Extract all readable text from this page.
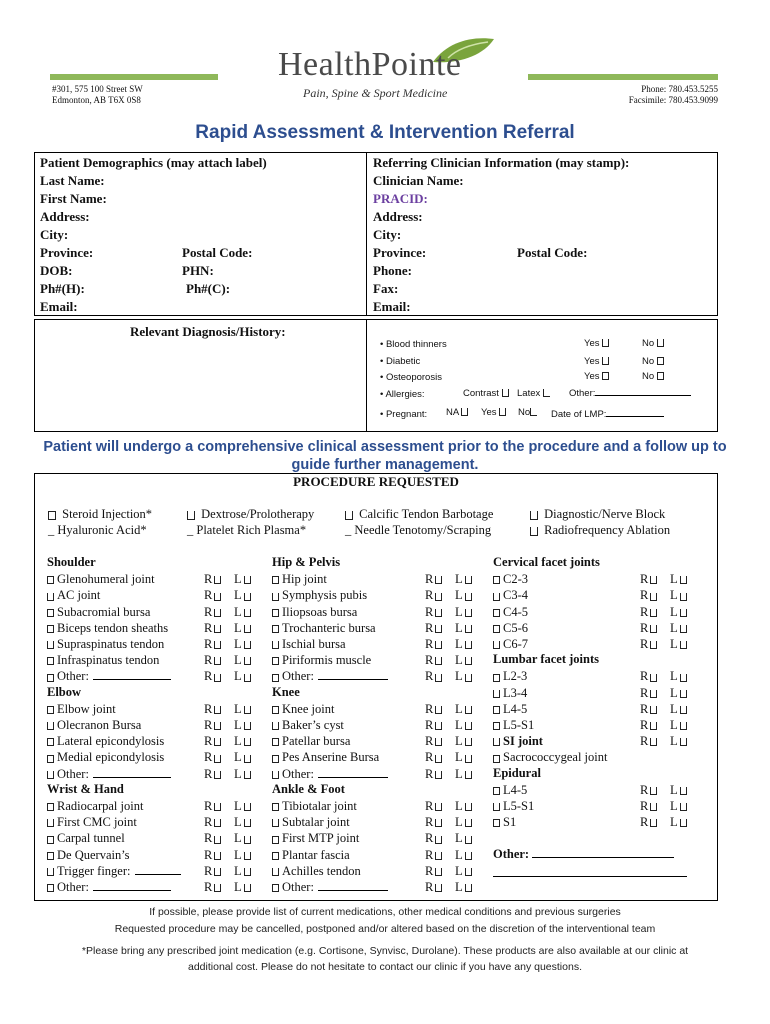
#301, 575 100 Street SW
Edmonton, AB T6X 0S8
HealthPointe
Pain, Spine & Sport Medicine	Phone: 780.453.5255
Facsimile: 780.453.9099
Rapid Assessment & Intervention Referral
Patient Demographics (may attach label)
Last Name:
First Name:
Address:
City:
Province:	Postal Code:
DOB:	PHN:
Ph#(H):	Ph#(C):
Email:
Referring Clinician Information (may stamp):
Clinician Name:
PRACID:
Address:
City:
Province:	Postal Code:
Phone:
Fax:
Email:
Relevant Diagnosis/History:
• Blood thinners	Yes	No
• Diabetic	Yes	No
• Osteoporosis	Yes	No
• Allergies:	Contrast	Latex	Other:
• Pregnant: NA	Yes	No	Date of LMP:
Patient will undergo a comprehensive clinical assessment prior to the procedure and a follow up to guide further management.
PROCEDURE REQUESTED
Steroid Injection*
_ Hyaluronic Acid*
Dextrose/Prolotherapy
_ Platelet Rich Plasma*
Calcific Tendon Barbotage
_ Needle Tenotomy/Scraping
Diagnostic/Nerve Block
Radiofrequency Ablation
Shoulder
Glenohumeral joint	R	L
AC joint	R	L
Subacromial bursa	R	L
Biceps tendon sheaths	R	L
Supraspinatus tendon	R	L
Infraspinatus tendon	R	L
Other:	R	L
Elbow
Elbow joint	R	L
Olecranon Bursa	R	L
Lateral epicondylosis	R	L
Medial epicondylosis	R	L
Other:	R	L
Wrist & Hand
Radiocarpal joint	R	L
First CMC joint	R	L
Carpal tunnel	R	L
De Quervain’s	R	L
Trigger finger:	R	L
Other:	R	L
Hip & Pelvis
Hip joint	R	L
Symphysis pubis	R	L
Iliopsoas bursa	R	L
Trochanteric bursa	R	L
Ischial bursa	R	L
Piriformis muscle	R	L
Other:	R	L
Knee
Knee joint	R	L
Baker’s cyst	R	L
Patellar bursa	R	L
Pes Anserine Bursa	R	L
Other:	R	L
Ankle & Foot
Tibiotalar joint	R	L
Subtalar joint	R	L
First MTP joint	R	L
Plantar fascia	R	L
Achilles tendon	R	L
Other:	R	L
Cervical facet joints
C2-3	R	L
C3-4	R	L
C4-5	R	L
C5-6	R	L
C6-7	R	L
Lumbar facet joints
L2-3	R	L
L3-4	R	L
L4-5	R	L
L5-S1	R	L
SI joint	R	L
Sacrococcygeal joint
Epidural
L4-5	R	L
L5-S1	R	L
S1	R	L
Other:
If possible, please provide list of current medications, other medical conditions and previous surgeries
Requested procedure may be cancelled, postponed and/or altered based on the discretion of the interventional team
*Please bring any prescribed joint medication (e.g. Cortisone, Synvisc, Durolane). These products are also available at our clinic at
additional cost. Please do not hesitate to contact our clinic if you have any questions.
